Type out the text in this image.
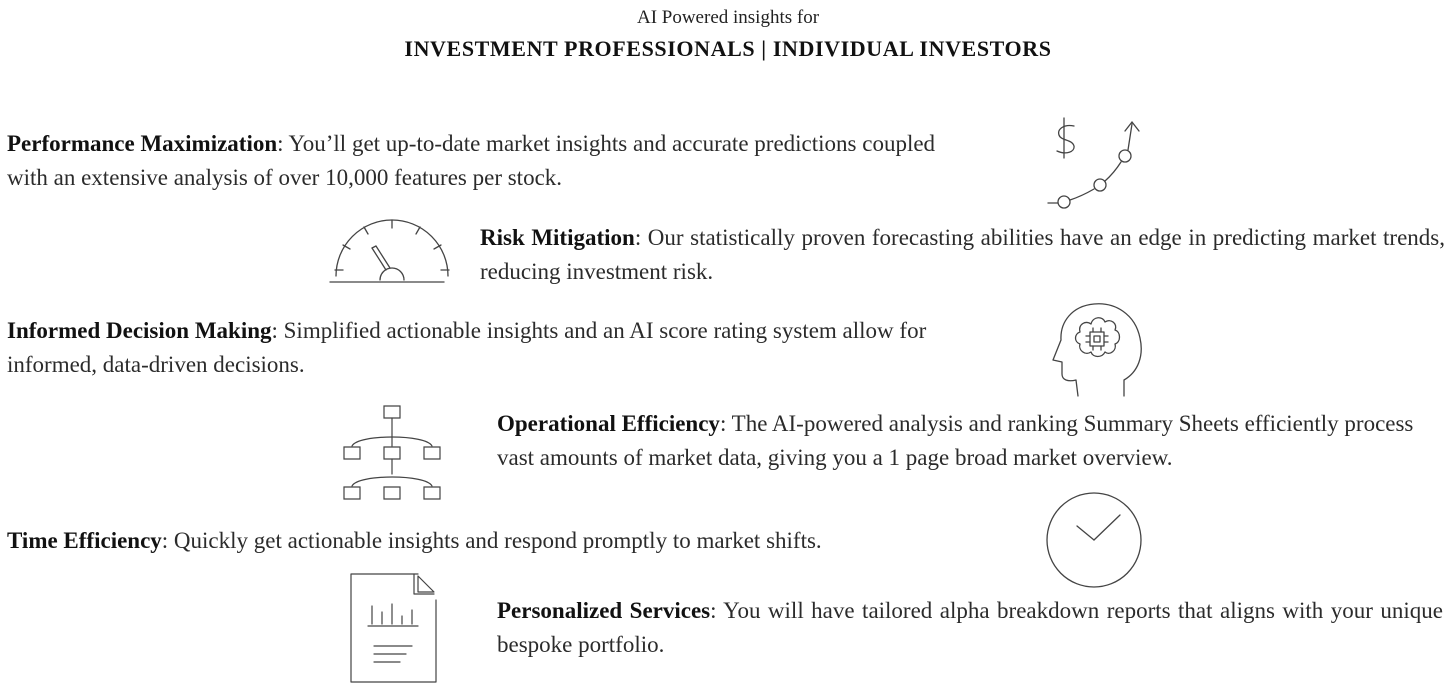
AI Powered insights for
INVESTMENT PROFESSIONALS | INDIVIDUAL INVESTORS
Performance Maximization: You’ll get up-to-date market insights and accurate predictions coupled with an extensive analysis of over 10,000 features per stock.
Risk Mitigation: Our statistically proven forecasting abilities have an edge in predicting market trends, reducing investment risk.
Informed Decision Making: Simplified actionable insights and an AI score rating system allow for informed, data-driven decisions.
Operational Efficiency: The AI-powered analysis and ranking Summary Sheets efficiently process vast amounts of market data, giving you a 1 page broad market overview.
Time Efficiency: Quickly get actionable insights and respond promptly to market shifts.
Personalized Services: You will have tailored alpha breakdown reports that aligns with your unique bespoke portfolio.
